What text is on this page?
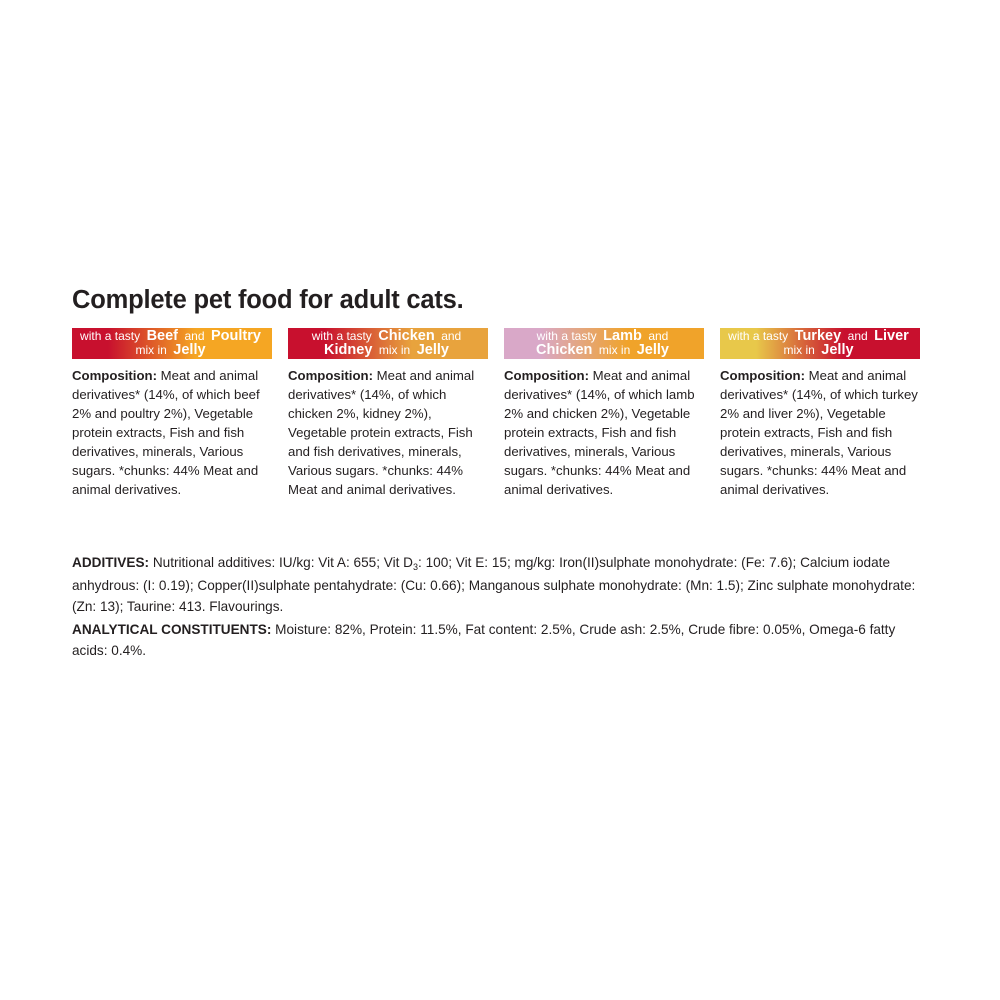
Complete pet food for adult cats.
with a tasty Beef and Poultry mix in Jelly
Composition: Meat and animal derivatives* (14%, of which beef 2% and poultry 2%), Vegetable protein extracts, Fish and fish derivatives, minerals, Various sugars. *chunks: 44% Meat and animal derivatives.
with a tasty Chicken and Kidney mix in Jelly
Composition: Meat and animal derivatives* (14%, of which chicken 2%, kidney 2%), Vegetable protein extracts, Fish and fish derivatives, minerals, Various sugars. *chunks: 44% Meat and animal derivatives.
with a tasty Lamb and Chicken mix in Jelly
Composition: Meat and animal derivatives* (14%, of which lamb 2% and chicken 2%), Vegetable protein extracts, Fish and fish derivatives, minerals, Various sugars. *chunks: 44% Meat and animal derivatives.
with a tasty Turkey and Liver mix in Jelly
Composition: Meat and animal derivatives* (14%, of which turkey 2% and liver 2%), Vegetable protein extracts, Fish and fish derivatives, minerals, Various sugars. *chunks: 44% Meat and animal derivatives.

ADDITIVES: Nutritional additives: IU/kg: Vit A: 655; Vit $D_3$: 100; Vit E: 15; mg/kg: Iron(II)sulphate monohydrate: (Fe: 7.6); Calcium iodate anhydrous: (I: 0.19); Copper(II)sulphate pentahydrate: (Cu: 0.66); Manganous sulphate monohydrate: (Mn: 1.5); Zinc sulphate monohydrate: (Zn: 13); Taurine: 413. Flavourings.

ANALYTICAL CONSTITUENTS: Moisture: 82%, Protein: 11.5%, Fat content: 2.5%, Crude ash: 2.5%, Crude fibre: 0.05%, Omega-6 fatty acids: 0.4%.
